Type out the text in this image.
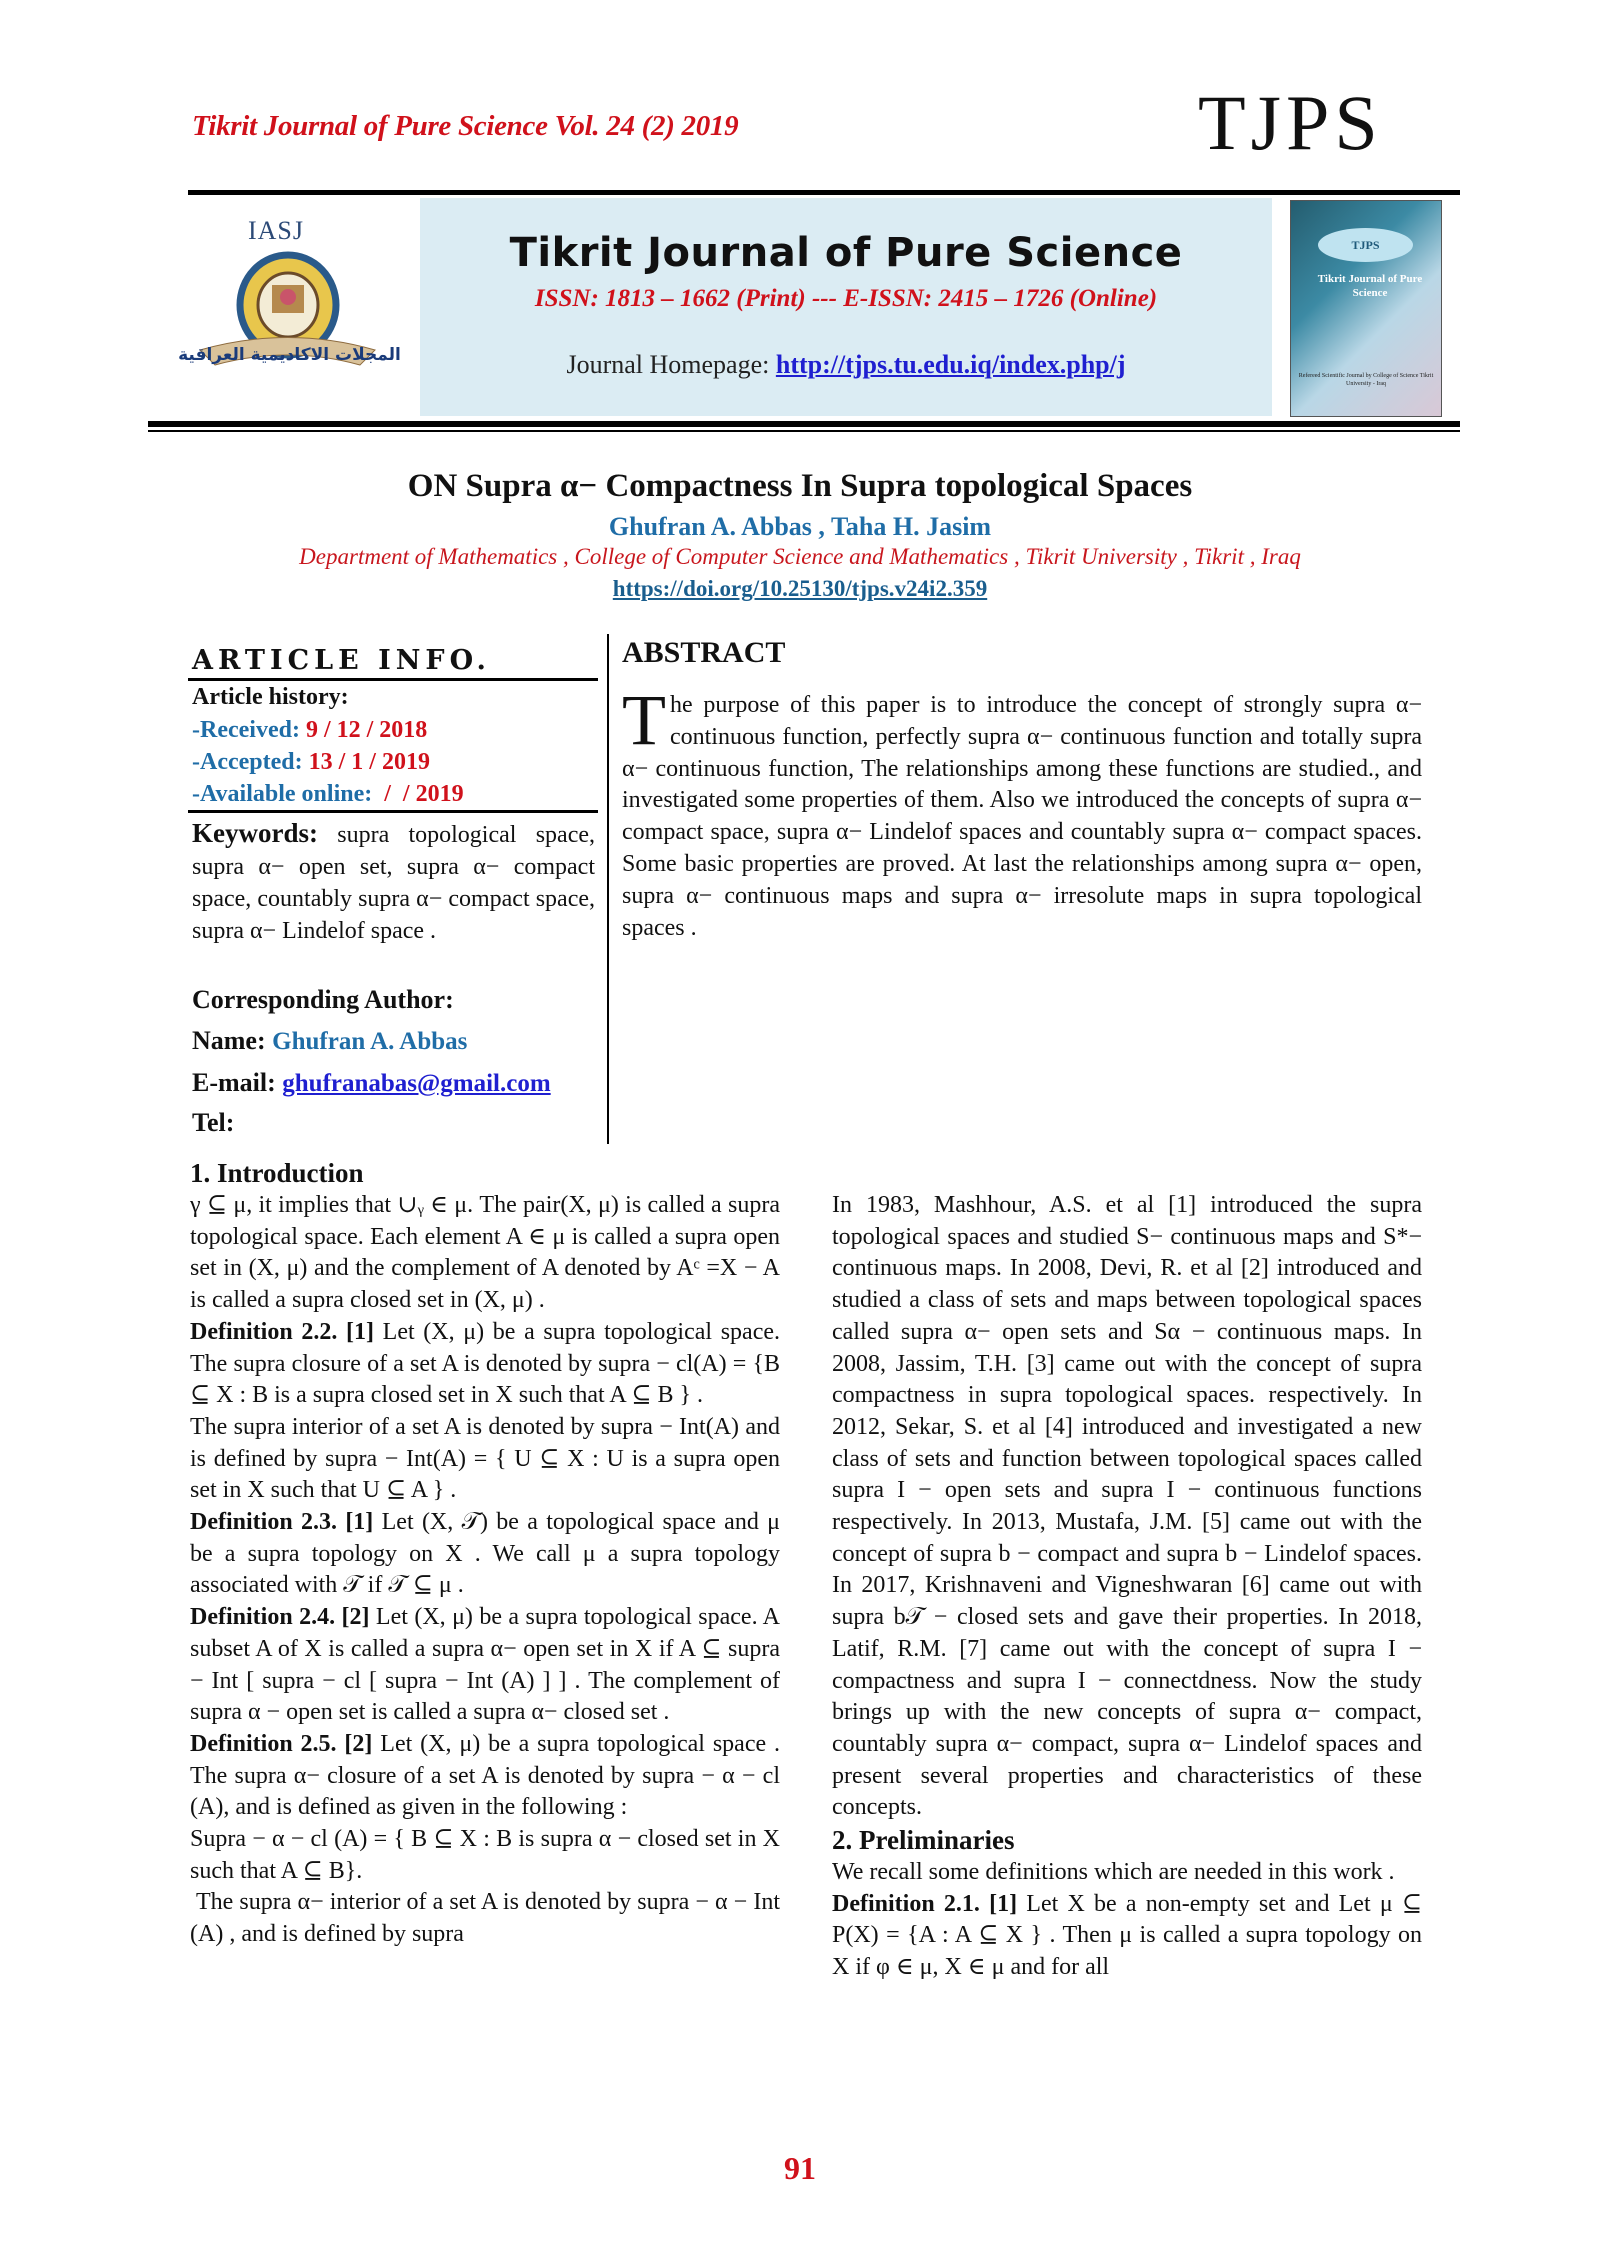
Tikrit Journal of Pure Science Vol. 24 (2) 2019	TJPS
IASJ
المجلات الاكاديمية العراقية
Tikrit Journal of Pure Science
ISSN: 1813 – 1662 (Print) --- E-ISSN: 2415 – 1726 (Online)
Journal Homepage: http://tjps.tu.edu.iq/index.php/j
TJPS
Tikrit Journal of Pure Science
Refereed Scientific Journal by College of Science Tikrit University - Iraq
ON Supra α− Compactness In Supra topological Spaces
Ghufran A. Abbas , Taha H. Jasim
Department of Mathematics , College of Computer Science and Mathematics , Tikrit University , Tikrit , Iraq
https://doi.org/10.25130/tjps.v24i2.359
ARTICLE INFO.
Article history:
-Received: 9 / 12 / 2018
-Accepted: 13 / 1 / 2019
-Available online:  /  / 2019
Keywords: supra topological space, supra α− open set, supra α− compact space, countably supra α− compact space, supra α− Lindelof space .
Corresponding Author:
Name: Ghufran A. Abbas
E-mail: ghufranabas@gmail.com
Tel:
ABSTRACT
The purpose of this paper is to introduce the concept of strongly supra α− continuous function, perfectly supra α− continuous function and totally supra α− continuous function, The relationships among these functions are studied., and investigated some properties of them. Also we introduced the concepts of supra α− compact space, supra α− Lindelof spaces and countably supra α− compact spaces. Some basic properties are proved. At last the relationships among supra α− open, supra α− continuous maps and supra α− irresolute maps in supra topological spaces .
1. Introduction

γ ⊆ μ, it implies that ∪ᵧ ∈ μ. The pair(X, μ) is called a supra topological space. Each element A ∈ μ is called a supra open set in (X, μ) and the complement of A denoted by Aᶜ =X − A is called a supra closed set in (X, μ) .

Definition 2.2. [1] Let (X, μ) be a supra topological space. The supra closure of a set A is denoted by supra − cl(A) = {B ⊆ X : B is a supra closed set in X such that A ⊆ B } .

The supra interior of a set A is denoted by supra − Int(A) and is defined by supra − Int(A) = { U ⊆ X : U is a supra open set in X such that U ⊆ A } .

Definition 2.3. [1] Let (X, 𝒯) be a topological space and μ be a supra topology on X . We call μ a supra topology associated with 𝒯 if 𝒯 ⊆ μ .

Definition 2.4. [2] Let (X, μ) be a supra topological space. A subset A of X is called a supra α− open set in X if A ⊆ supra − Int [ supra − cl [ supra − Int (A) ] ] . The complement of supra α − open set is called a supra α− closed set .

Definition 2.5. [2] Let (X, μ) be a supra topological space . The supra α− closure of a set A is denoted by supra − α − cl (A), and is defined as given in the following :

Supra − α − cl (A) = { B ⊆ X : B is supra α − closed set in X such that A ⊆ B}.

The supra α− interior of a set A is denoted by supra − α − Int (A) , and is defined by supra

In 1983, Mashhour, A.S. et al [1] introduced the supra topological spaces and studied S− continuous maps and S*− continuous maps. In 2008, Devi, R. et al [2] introduced and studied a class of sets and maps between topological spaces called supra α− open sets and Sα − continuous maps. In 2008, Jassim, T.H. [3] came out with the concept of supra compactness in supra topological spaces. respectively. In 2012, Sekar, S. et al [4] introduced and investigated a new class of sets and function between topological spaces called supra I − open sets and supra I − continuous functions respectively. In 2013, Mustafa, J.M. [5] came out with the concept of supra b − compact and supra b − Lindelof spaces. In 2017, Krishnaveni and Vigneshwaran [6] came out with supra b𝒯 − closed sets and gave their properties. In 2018, Latif, R.M. [7] came out with the concept of supra I − compactness and supra I − connectdness. Now the study brings up with the new concepts of supra α− compact, countably supra α− compact, supra α− Lindelof spaces and present several properties and characteristics of these concepts.

2. Preliminaries

We recall some definitions which are needed in this work .

Definition 2.1. [1] Let X be a non-empty set and Let μ ⊆ P(X) = {A : A ⊆ X } . Then μ is called a supra topology on X if φ ∈ μ, X ∈ μ and for all

91
